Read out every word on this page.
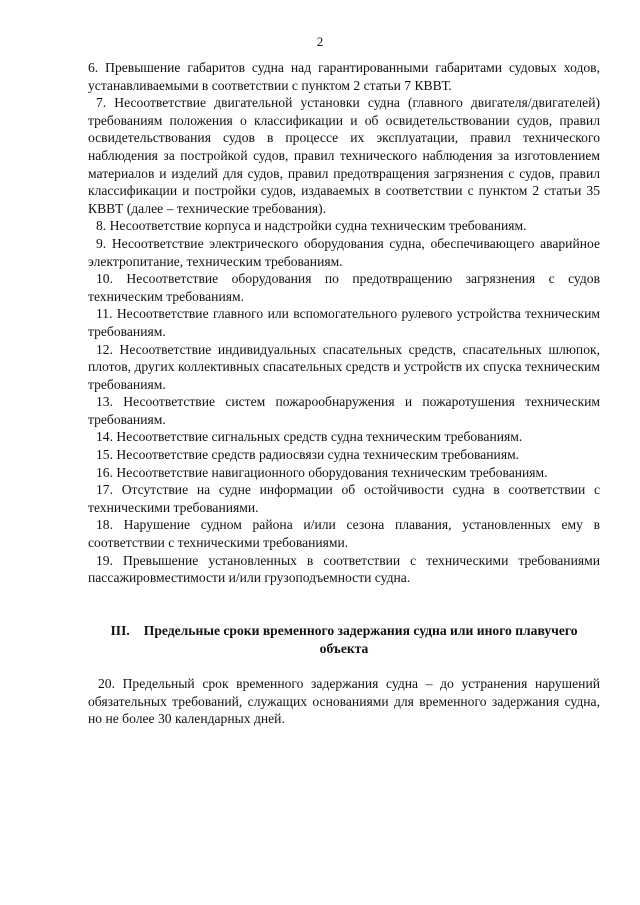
2

6. Превышение габаритов судна над гарантированными габаритами судовых ходов, устанавливаемыми в соответствии с пунктом 2 статьи 7 КВВТ.

7. Несоответствие двигательной установки судна (главного двигателя/двигателей) требованиям положения о классификации и об освидетельствовании судов, правил освидетельствования судов в процессе их эксплуатации, правил технического наблюдения за постройкой судов, правил технического наблюдения за изготовлением материалов и изделий для судов, правил предотвращения загрязнения с судов, правил классификации и постройки судов, издаваемых в соответствии с пунктом 2 статьи 35 КВВТ (далее – технические требования).

8. Несоответствие корпуса и надстройки судна техническим требованиям.

9. Несоответствие электрического оборудования судна, обеспечивающего аварийное электропитание, техническим требованиям.

10. Несоответствие оборудования по предотвращению загрязнения с судов техническим требованиям.

11. Несоответствие главного или вспомогательного рулевого устройства техническим требованиям.

12. Несоответствие индивидуальных спасательных средств, спасательных шлюпок, плотов, других коллективных спасательных средств и устройств их спуска техническим требованиям.

13. Несоответствие систем пожарообнаружения и пожаротушения техническим требованиям.

14. Несоответствие сигнальных средств судна техническим требованиям.

15. Несоответствие средств радиосвязи судна техническим требованиям.

16. Несоответствие навигационного оборудования техническим требованиям.

17. Отсутствие на судне информации об остойчивости судна в соответствии с техническими требованиями.

18. Нарушение судном района и/или сезона плавания, установленных ему в соответствии с техническими требованиями.

19. Превышение установленных в соответствии с техническими требованиями пассажировместимости и/или грузоподъемности судна.

III. Предельные сроки временного задержания судна или иного плавучего объекта

20. Предельный срок временного задержания судна – до устранения нарушений обязательных требований, служащих основаниями для временного задержания судна, но не более 30 календарных дней.
